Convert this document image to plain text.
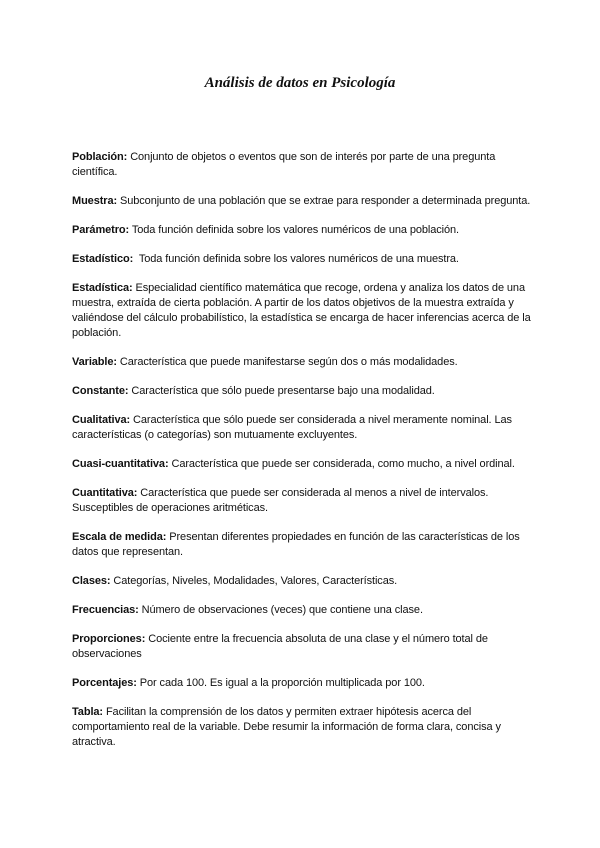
Análisis de datos en Psicología
Población: Conjunto de objetos o eventos que son de interés por parte de una pregunta científica.
Muestra: Subconjunto de una población que se extrae para responder a determinada pregunta.
Parámetro: Toda función definida sobre los valores numéricos de una población.
Estadístico:  Toda función definida sobre los valores numéricos de una muestra.
Estadística: Especialidad científico matemática que recoge, ordena y analiza los datos de una muestra, extraída de cierta población. A partir de los datos objetivos de la muestra extraída y valiéndose del cálculo probabilístico, la estadística se encarga de hacer inferencias acerca de la población.
Variable: Característica que puede manifestarse según dos o más modalidades.
Constante: Característica que sólo puede presentarse bajo una modalidad.
Cualitativa: Característica que sólo puede ser considerada a nivel meramente nominal. Las características (o categorías) son mutuamente excluyentes.
Cuasi-cuantitativa: Característica que puede ser considerada, como mucho, a nivel ordinal.
Cuantitativa: Característica que puede ser considerada al menos a nivel de intervalos. Susceptibles de operaciones aritméticas.
Escala de medida: Presentan diferentes propiedades en función de las características de los datos que representan.
Clases: Categorías, Niveles, Modalidades, Valores, Características.
Frecuencias: Número de observaciones (veces) que contiene una clase.
Proporciones: Cociente entre la frecuencia absoluta de una clase y el número total de observaciones
Porcentajes: Por cada 100. Es igual a la proporción multiplicada por 100.
Tabla: Facilitan la comprensión de los datos y permiten extraer hipótesis acerca del comportamiento real de la variable. Debe resumir la información de forma clara, concisa y atractiva.
